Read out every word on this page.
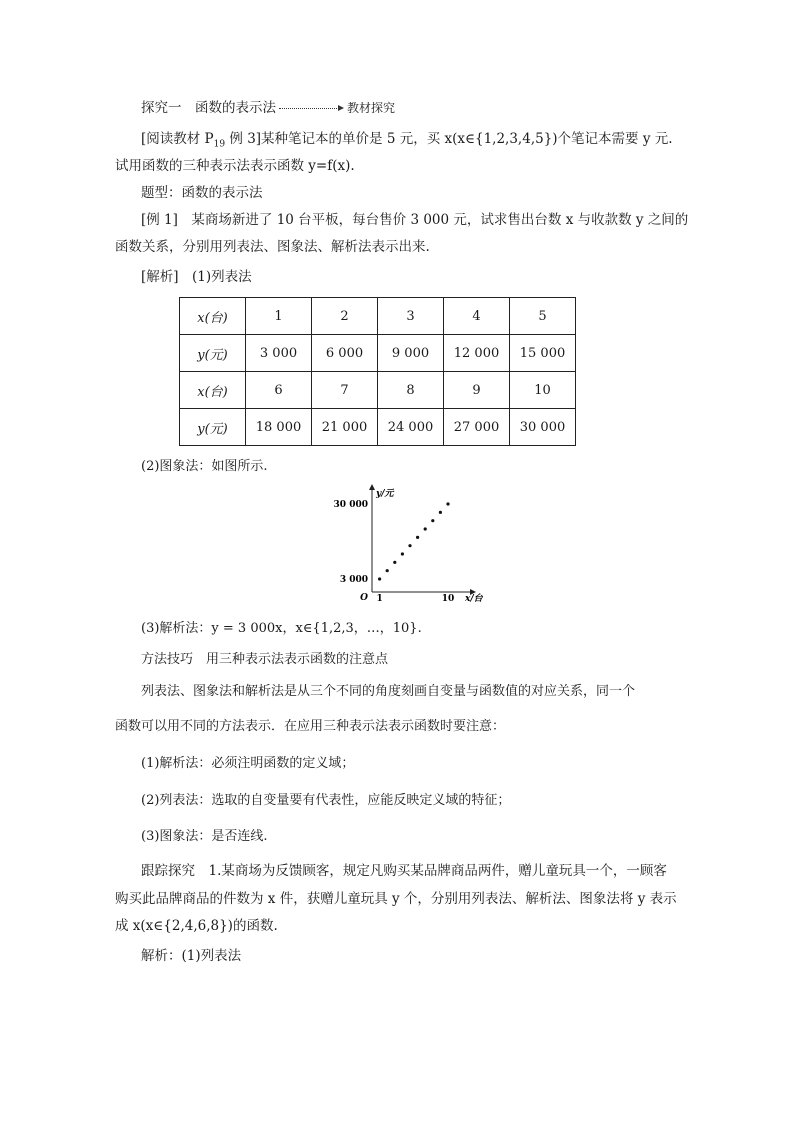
探究一　函数的表示法	教材探究
[阅读教材 $P_{19}$ 例 3]某种笔记本的单价是 5 元，买 x(x∈{1,2,3,4,5})个笔记本需要 y 元.
试用函数的三种表示法表示函数 y=f(x).
题型：函数的表示法
[例 1]　某商场新进了 10 台平板，每台售价 3 000 元，试求售出台数 x 与收款数 y 之间的
函数关系，分别用列表法、图象法、解析法表示出来.
[解析]　(1)列表法
x(台)	1	2	3	4	5
y(元)	3 000	6 000	9 000	12 000	15 000
x(台)	6	7	8	9	10
y(元)	18 000	21 000	24 000	27 000	30 000
(2)图象法：如图所示.
1	10
3 000
30 000
O	x/台
y/元
(3)解析法：y = 3 000x，x∈{1,2,3，…，10}.
方法技巧　用三种表示法表示函数的注意点
列表法、图象法和解析法是从三个不同的角度刻画自变量与函数值的对应关系，同一个
函数可以用不同的方法表示．在应用三种表示法表示函数时要注意：
(1)解析法：必须注明函数的定义域；
(2)列表法：选取的自变量要有代表性，应能反映定义域的特征；
(3)图象法：是否连线.
跟踪探究　1.某商场为反馈顾客，规定凡购买某品牌商品两件，赠儿童玩具一个，一顾客
购买此品牌商品的件数为 x 件，获赠儿童玩具 y 个，分别用列表法、解析法、图象法将 y 表示
成 x(x∈{2,4,6,8})的函数.
解析：(1)列表法
